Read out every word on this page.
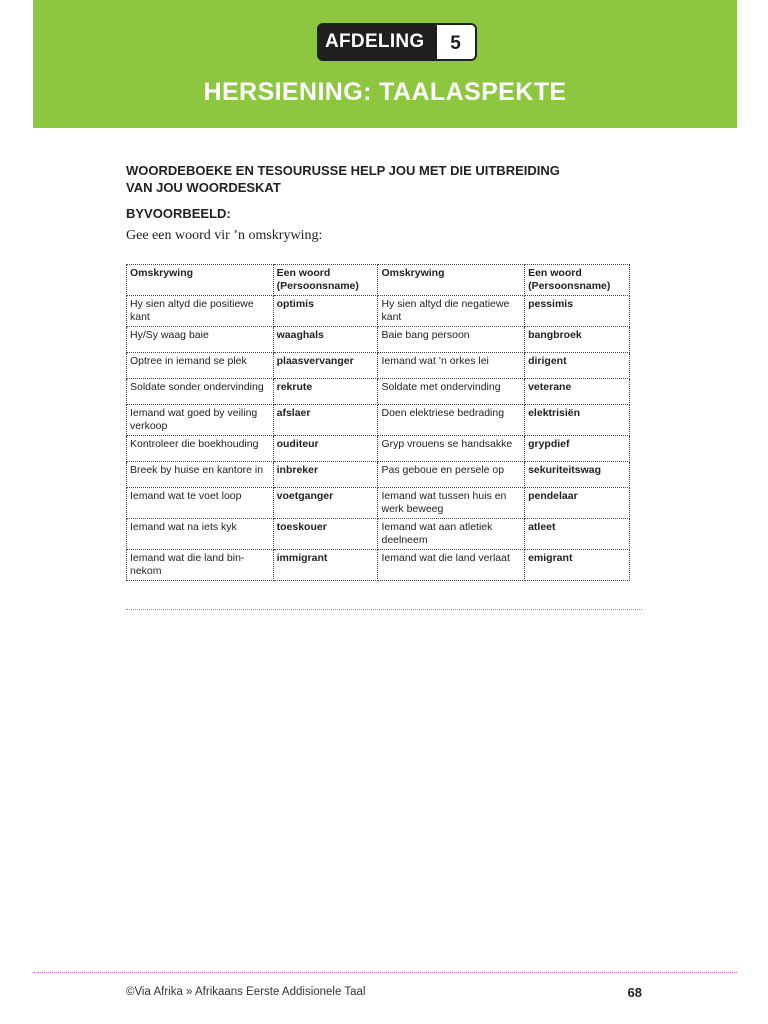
AFDELING	5
HERSIENING: TAALASPEKTE
WOORDEBOEKE EN TESOURUSSE HELP JOU MET DIE UITBREIDING VAN JOU WOORDESKAT
BYVOORBEELD:
Gee een woord vir ’n omskrywing:
Omskrywing	Een woord (Persoonsname)	Omskrywing	Een woord (Persoonsname)
Hy sien altyd die positiewe kant	optimis	Hy sien altyd die negatiewe kant	pessimis
Hy/Sy waag baie	waaghals	Baie bang persoon	bangbroek
Optree in iemand se plek	plaasvervanger	Iemand wat ’n orkes lei	dirigent
Soldate sonder ondervinding	rekrute	Soldate met ondervinding	veterane
Iemand wat goed by veiling verkoop	afslaer	Doen elektriese bedrading	elektrisiën
Kontroleer die boekhouding	ouditeur	Gryp vrouens se handsakke	grypdief
Breek by huise en kantore in	inbreker	Pas geboue en persele op	sekuriteitswag
Iemand wat te voet loop	voetganger	Iemand wat tussen huis en werk beweeg	pendelaar
Iemand wat na iets kyk	toeskouer	Iemand wat aan atletiek deelneem	atleet
Iemand wat die land bin-nekom	immigrant	Iemand wat die land verlaat	emigrant
©Via Afrika » Afrikaans Eerste Addisionele Taal	68
